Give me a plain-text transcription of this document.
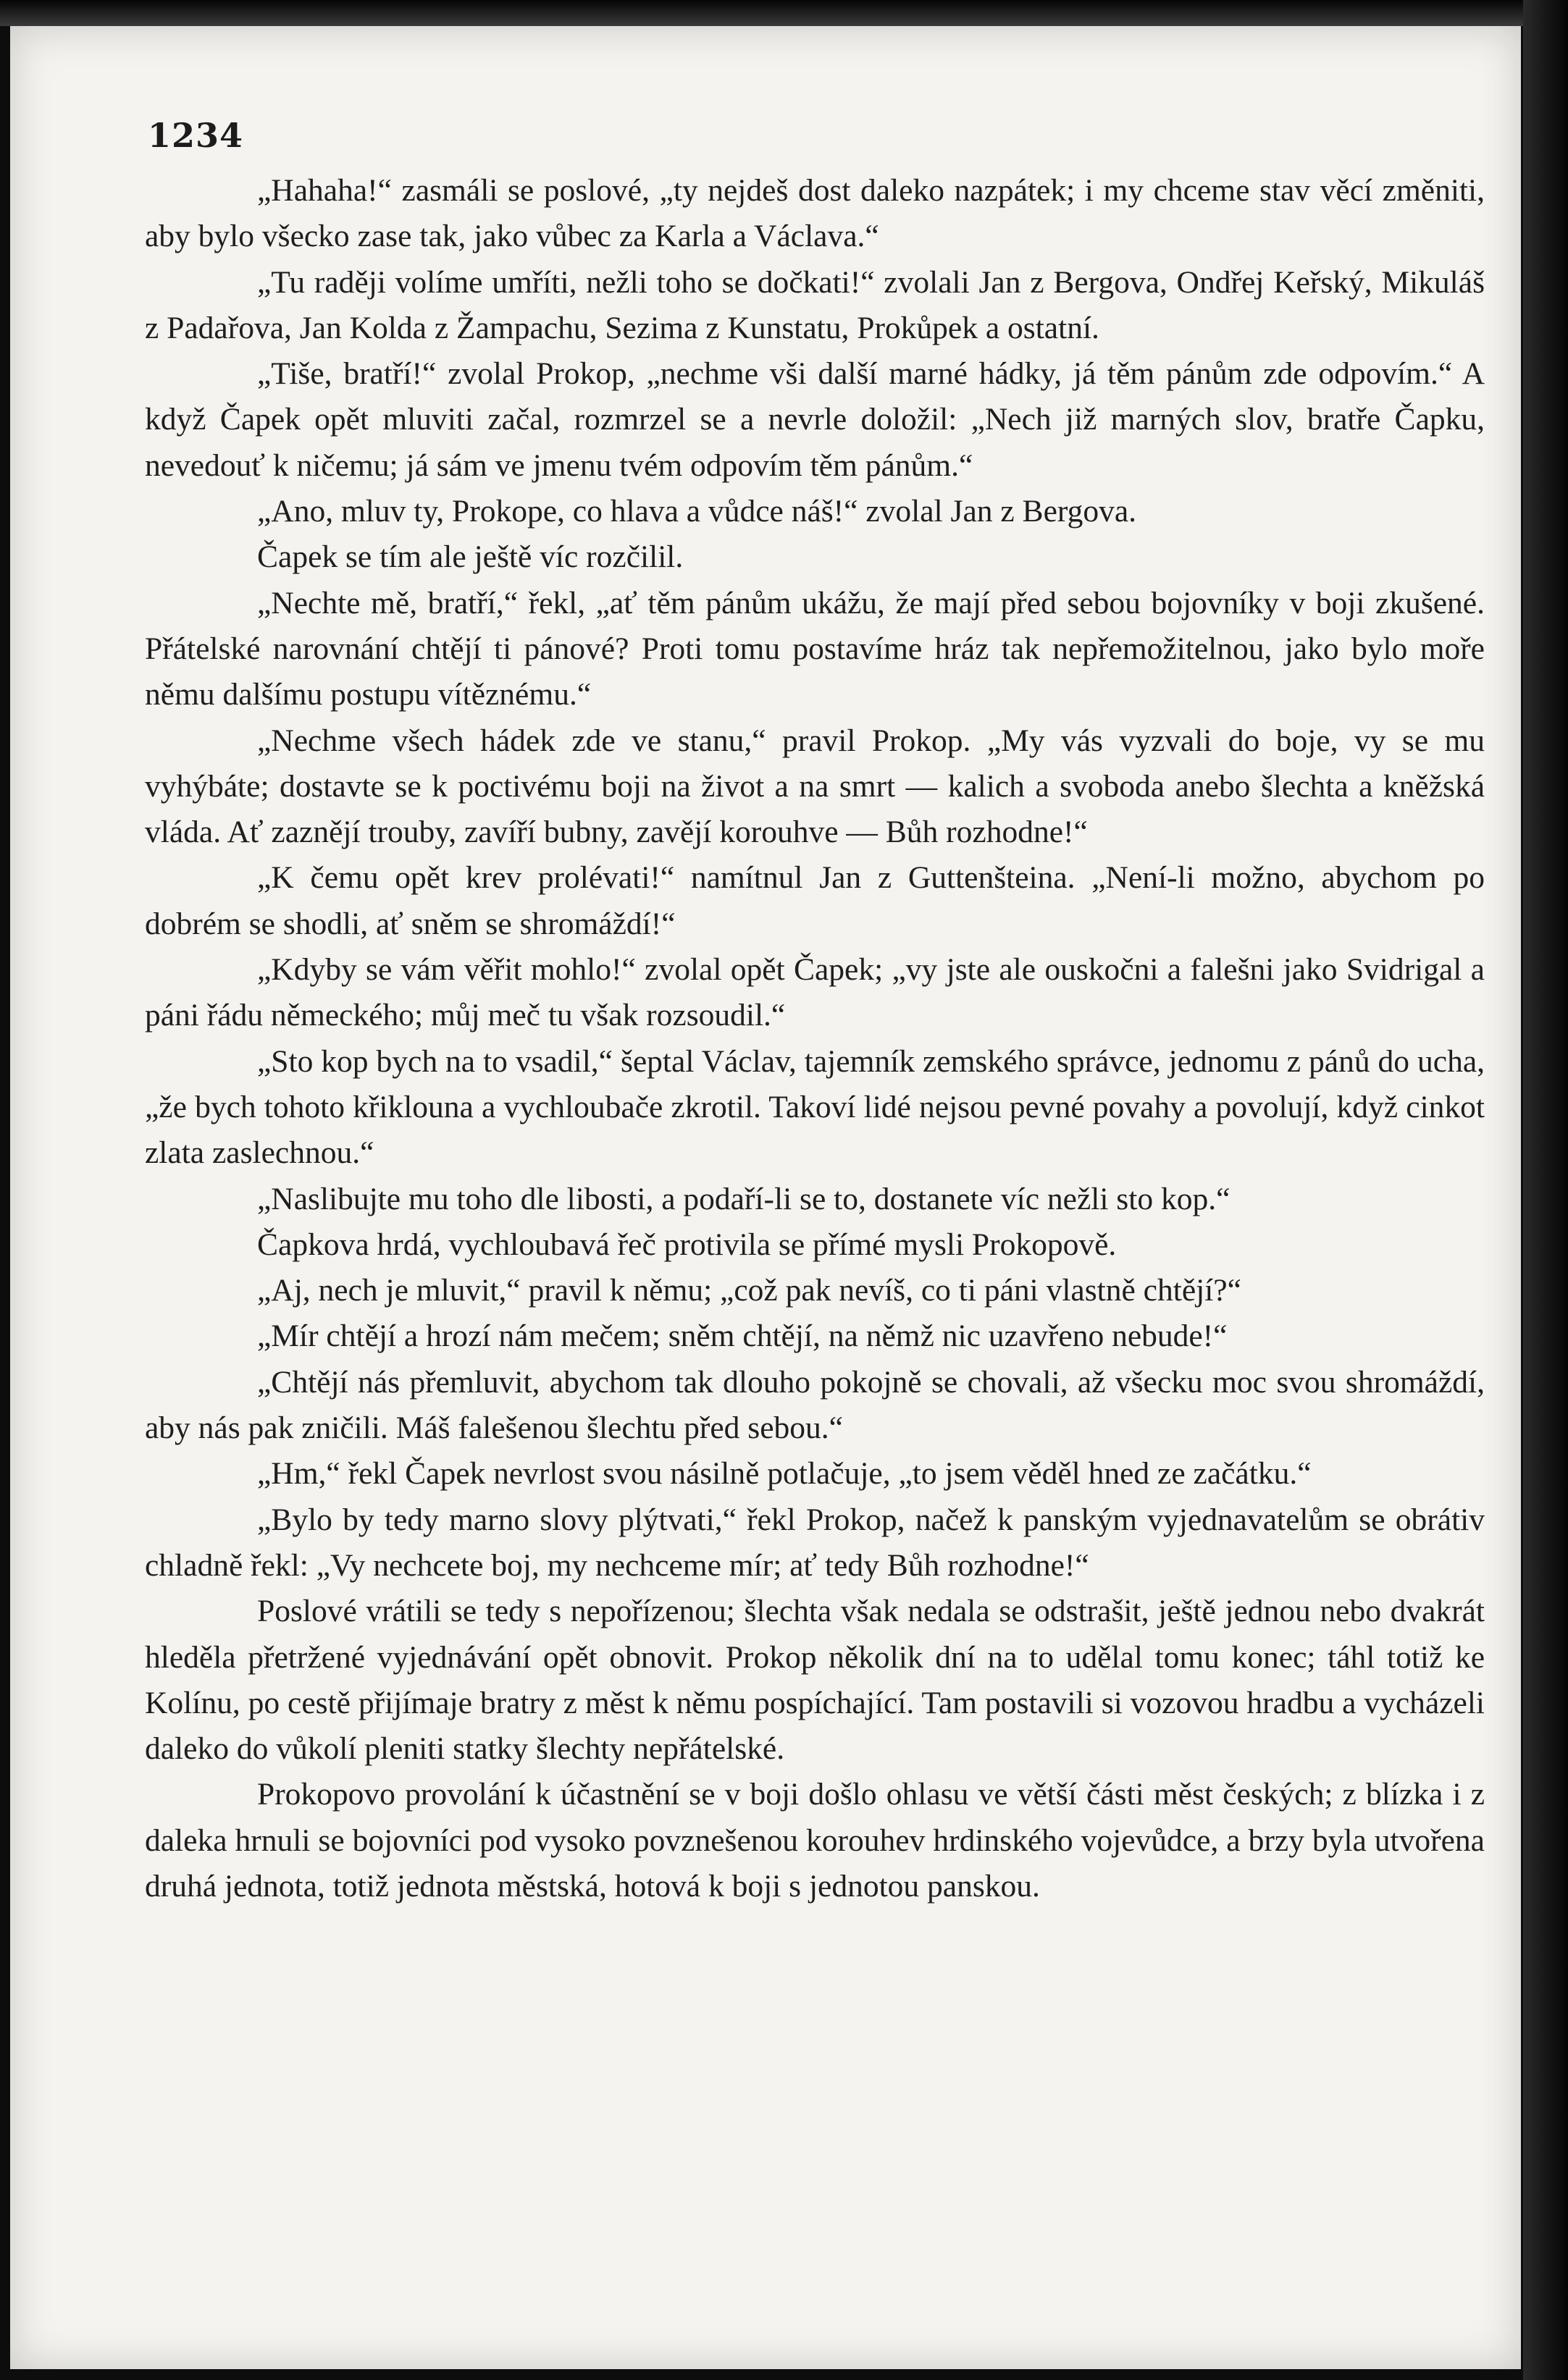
1234

„Hahaha!“ zasmáli se poslové, „ty nejdeš dost daleko nazpátek; i my chceme stav věcí změniti, aby bylo všecko zase tak, jako vůbec za Karla a Václava.“

„Tu raději volíme umříti, nežli toho se dočkati!“ zvolali Jan z Bergova, Ondřej Keřský, Mikuláš z Padařova, Jan Kolda z Žampachu, Sezima z Kunstatu, Prokůpek a ostatní.

„Tiše, bratří!“ zvolal Prokop, „nechme vši další marné hádky, já těm pánům zde odpovím.“ A když Čapek opět mluviti začal, rozmrzel se a nevrle doložil: „Nech již marných slov, bratře Čapku, nevedouť k ničemu; já sám ve jmenu tvém odpovím těm pánům.“

„Ano, mluv ty, Prokope, co hlava a vůdce náš!“ zvolal Jan z Bergova.

Čapek se tím ale ještě víc rozčilil.

„Nechte mě, bratří,“ řekl, „ať těm pánům ukážu, že mají před sebou bojovníky v boji zkušené. Přátelské narovnání chtějí ti pánové? Proti tomu postavíme hráz tak nepřemožitelnou, jako bylo moře němu dalšímu postupu vítěznému.“

„Nechme všech hádek zde ve stanu,“ pravil Prokop. „My vás vyzvali do boje, vy se mu vyhýbáte; dostavte se k poctivému boji na život a na smrt — kalich a svoboda anebo šlechta a kněžská vláda. Ať zaznějí trouby, zavíří bubny, zavějí korouhve — Bůh rozhodne!“

„K čemu opět krev prolévati!“ namítnul Jan z Guttenšteina. „Není-li možno, abychom po dobrém se shodli, ať sněm se shromáždí!“

„Kdyby se vám věřit mohlo!“ zvolal opět Čapek; „vy jste ale ouskočni a falešni jako Svidrigal a páni řádu německého; můj meč tu však rozsoudil.“

„Sto kop bych na to vsadil,“ šeptal Václav, tajemník zemského správce, jednomu z pánů do ucha, „že bych tohoto křiklouna a vychloubače zkrotil. Takoví lidé nejsou pevné povahy a povolují, když cinkot zlata zaslechnou.“

„Naslibujte mu toho dle libosti, a podaří-li se to, dostanete víc nežli sto kop.“

Čapkova hrdá, vychloubavá řeč protivila se přímé mysli Prokopově.

„Aj, nech je mluvit,“ pravil k němu; „což pak nevíš, co ti páni vlastně chtějí?“

„Mír chtějí a hrozí nám mečem; sněm chtějí, na němž nic uzavřeno nebude!“

„Chtějí nás přemluvit, abychom tak dlouho pokojně se chovali, až všecku moc svou shromáždí, aby nás pak zničili. Máš falešenou šlechtu před sebou.“

„Hm,“ řekl Čapek nevrlost svou násilně potlačuje, „to jsem věděl hned ze začátku.“

„Bylo by tedy marno slovy plýtvati,“ řekl Prokop, načež k panským vyjednavatelům se obrátiv chladně řekl: „Vy nechcete boj, my nechceme mír; ať tedy Bůh rozhodne!“

Poslové vrátili se tedy s nepořízenou; šlechta však nedala se odstrašit, ještě jednou nebo dvakrát hleděla přetržené vyjednávání opět obnovit. Prokop několik dní na to udělal tomu konec; táhl totiž ke Kolínu, po cestě přijímaje bratry z měst k němu pospíchající. Tam postavili si vozovou hradbu a vycházeli daleko do vůkolí pleniti statky šlechty nepřátelské.

Prokopovo provolání k účastnění se v boji došlo ohlasu ve větší části měst českých; z blízka i z daleka hrnuli se bojovníci pod vysoko povznešenou korouhev hrdinského vojevůdce, a brzy byla utvořena druhá jednota, totiž jednota městská, hotová k boji s jednotou panskou.
